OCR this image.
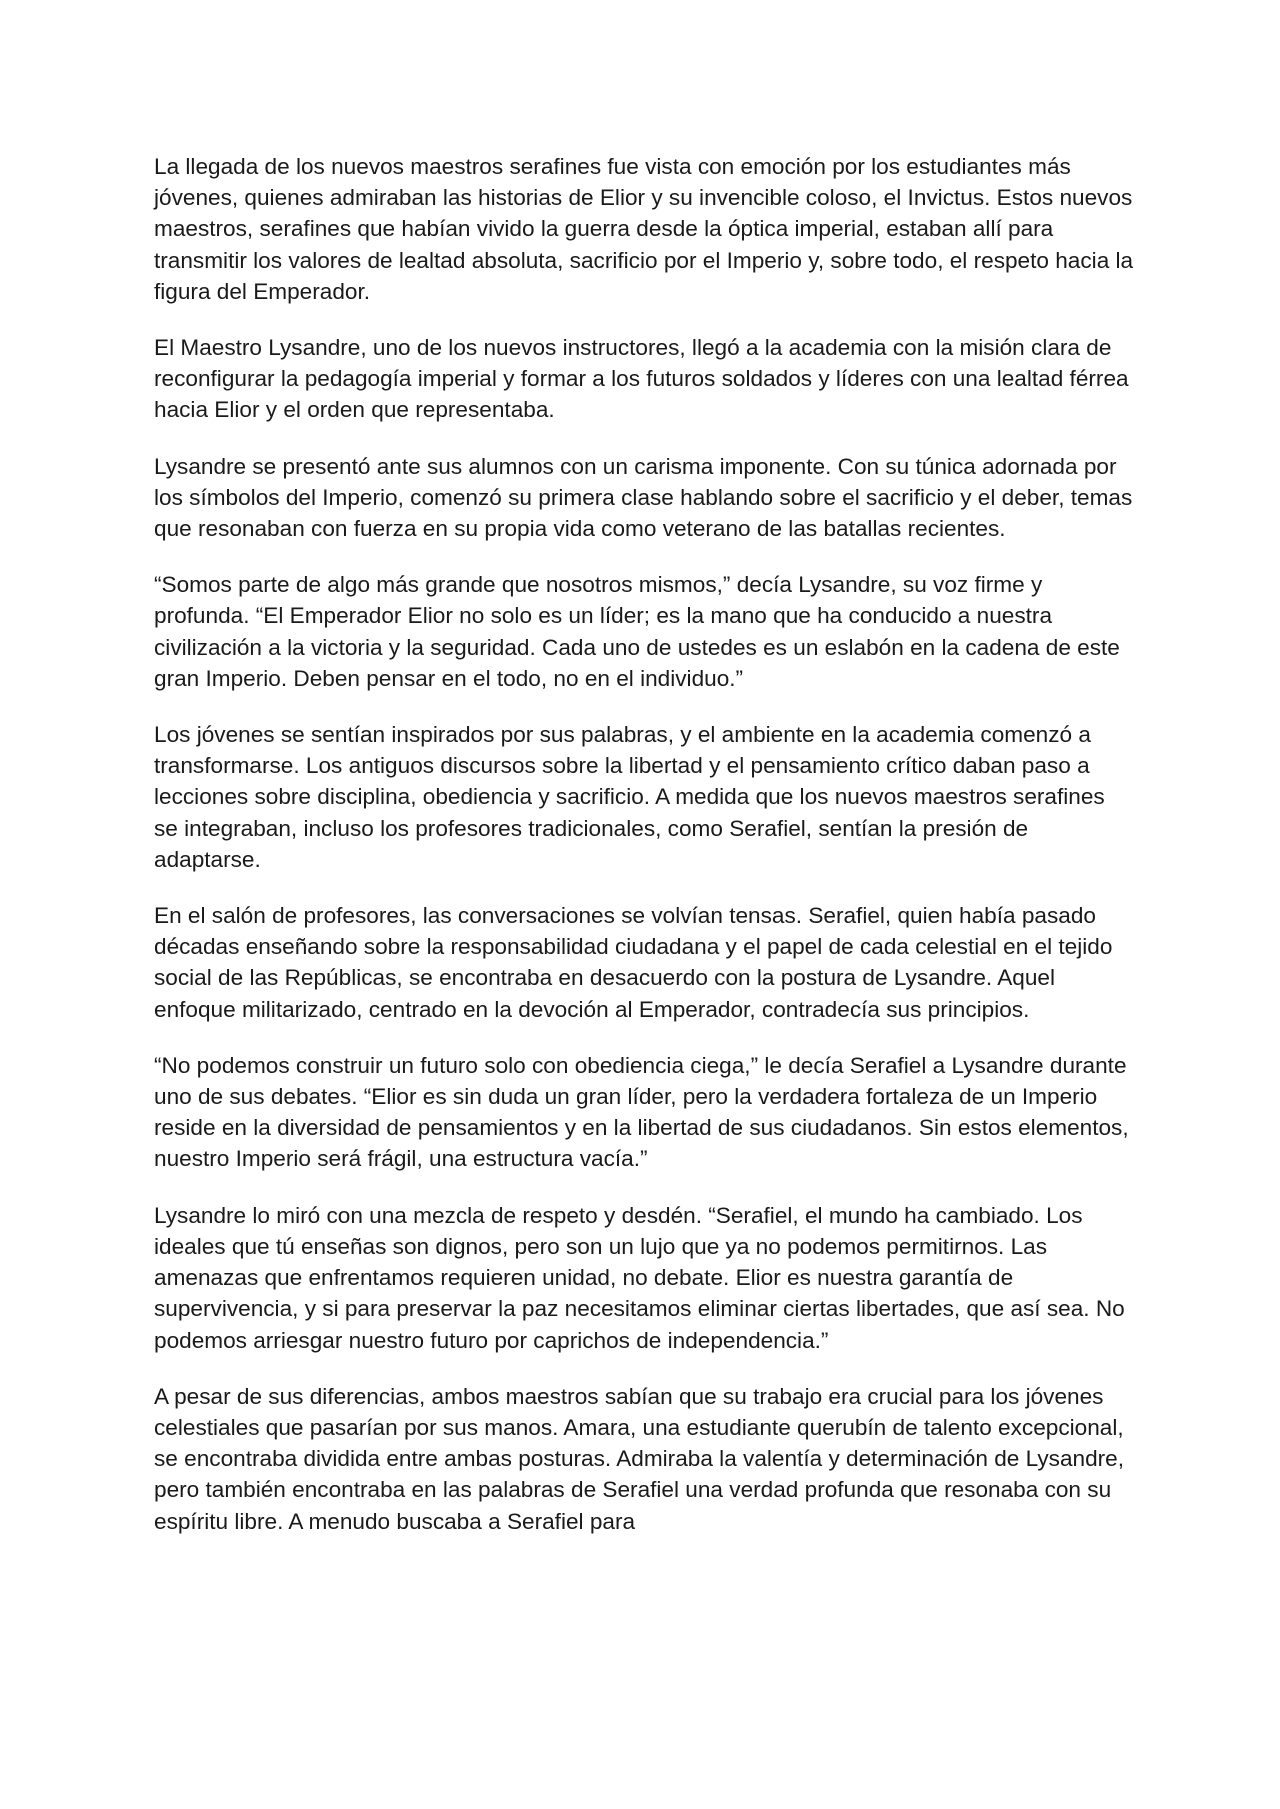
La llegada de los nuevos maestros serafines fue vista con emoción por los estudiantes más jóvenes, quienes admiraban las historias de Elior y su invencible coloso, el Invictus. Estos nuevos maestros, serafines que habían vivido la guerra desde la óptica imperial, estaban allí para transmitir los valores de lealtad absoluta, sacrificio por el Imperio y, sobre todo, el respeto hacia la figura del Emperador.

El Maestro Lysandre, uno de los nuevos instructores, llegó a la academia con la misión clara de reconfigurar la pedagogía imperial y formar a los futuros soldados y líderes con una lealtad férrea hacia Elior y el orden que representaba.

Lysandre se presentó ante sus alumnos con un carisma imponente. Con su túnica adornada por los símbolos del Imperio, comenzó su primera clase hablando sobre el sacrificio y el deber, temas que resonaban con fuerza en su propia vida como veterano de las batallas recientes.

“Somos parte de algo más grande que nosotros mismos,” decía Lysandre, su voz firme y profunda. “El Emperador Elior no solo es un líder; es la mano que ha conducido a nuestra civilización a la victoria y la seguridad. Cada uno de ustedes es un eslabón en la cadena de este gran Imperio. Deben pensar en el todo, no en el individuo.”

Los jóvenes se sentían inspirados por sus palabras, y el ambiente en la academia comenzó a transformarse. Los antiguos discursos sobre la libertad y el pensamiento crítico daban paso a lecciones sobre disciplina, obediencia y sacrificio. A medida que los nuevos maestros serafines se integraban, incluso los profesores tradicionales, como Serafiel, sentían la presión de adaptarse.

En el salón de profesores, las conversaciones se volvían tensas. Serafiel, quien había pasado décadas enseñando sobre la responsabilidad ciudadana y el papel de cada celestial en el tejido social de las Repúblicas, se encontraba en desacuerdo con la postura de Lysandre. Aquel enfoque militarizado, centrado en la devoción al Emperador, contradecía sus principios.

“No podemos construir un futuro solo con obediencia ciega,” le decía Serafiel a Lysandre durante uno de sus debates. “Elior es sin duda un gran líder, pero la verdadera fortaleza de un Imperio reside en la diversidad de pensamientos y en la libertad de sus ciudadanos. Sin estos elementos, nuestro Imperio será frágil, una estructura vacía.”

Lysandre lo miró con una mezcla de respeto y desdén. “Serafiel, el mundo ha cambiado. Los ideales que tú enseñas son dignos, pero son un lujo que ya no podemos permitirnos. Las amenazas que enfrentamos requieren unidad, no debate. Elior es nuestra garantía de supervivencia, y si para preservar la paz necesitamos eliminar ciertas libertades, que así sea. No podemos arriesgar nuestro futuro por caprichos de independencia.”

A pesar de sus diferencias, ambos maestros sabían que su trabajo era crucial para los jóvenes celestiales que pasarían por sus manos. Amara, una estudiante querubín de talento excepcional, se encontraba dividida entre ambas posturas. Admiraba la valentía y determinación de Lysandre, pero también encontraba en las palabras de Serafiel una verdad profunda que resonaba con su espíritu libre. A menudo buscaba a Serafiel para
